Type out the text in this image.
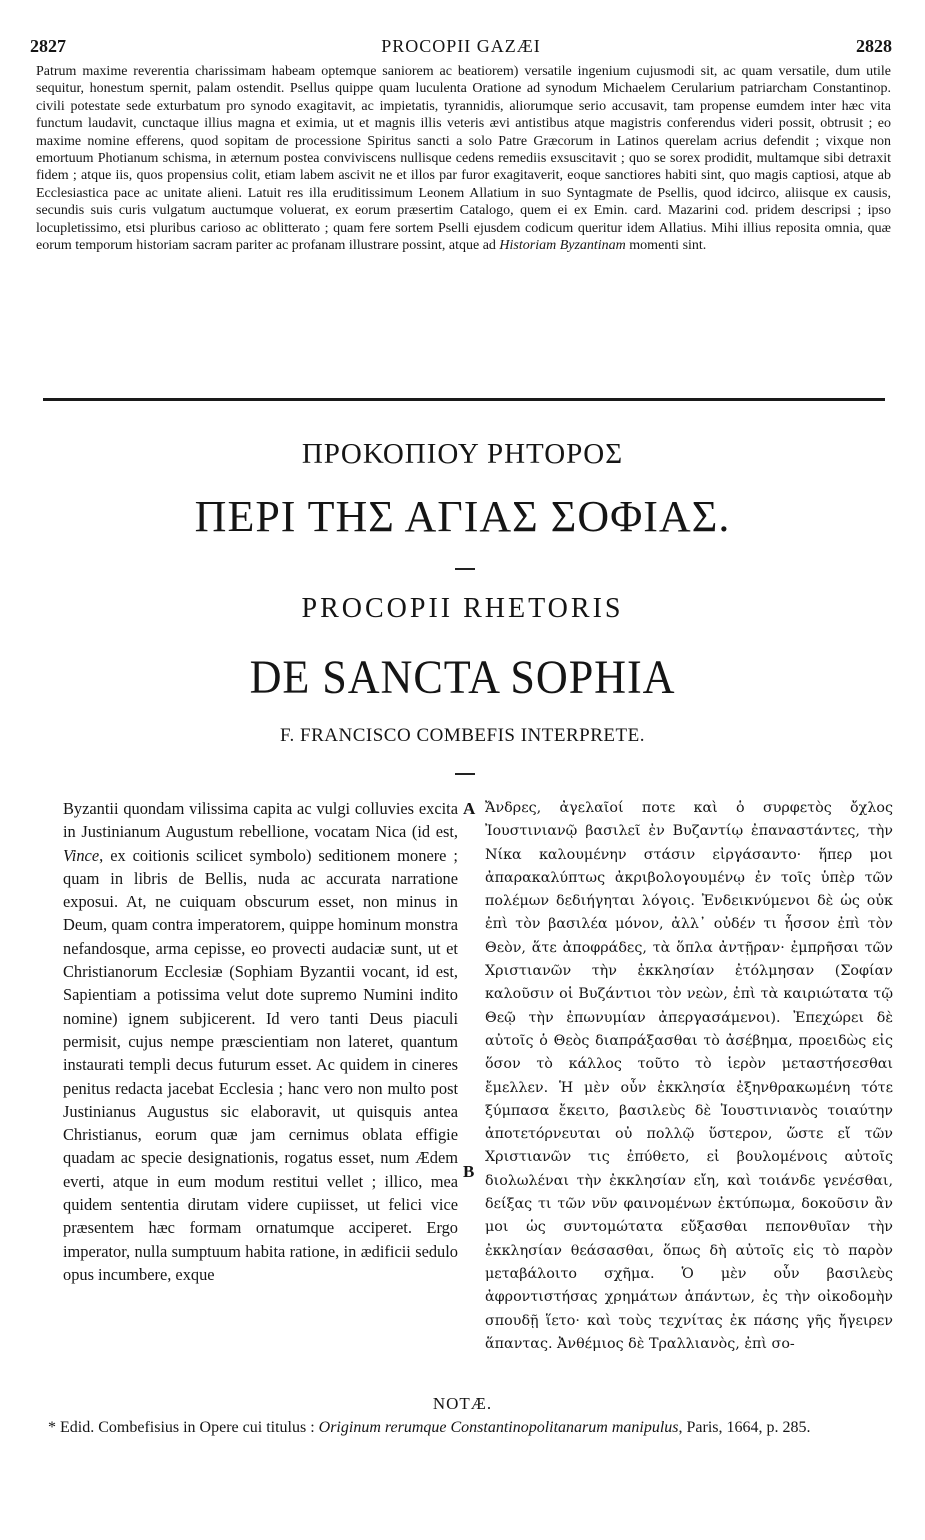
2827	PROCOPII GAZÆI	2828

Patrum maxime reverentia charissimam habeam optemque saniorem ac beatiorem) versatile ingenium cujusmodi sit, ac quam versatile, dum utile sequitur, honestum spernit, palam ostendit. Psellus quippe quam luculenta Oratione ad synodum Michaelem Cerularium patriarcham Constantinop. civili potestate sede exturbatum pro synodo exagitavit, ac impietatis, tyrannidis, aliorumque serio accusavit, tam propense eumdem inter hæc vita functum laudavit, cunctaque illius magna et eximia, ut et magnis illis veteris ævi antistibus atque magistris conferendus videri possit, obtrusit ; eo maxime nomine efferens, quod sopitam de processione Spiritus sancti a solo Patre Græcorum in Latinos querelam acrius defendit ; vixque non emortuum Photianum schisma, in æternum postea conviviscens nullisque cedens remediis exsuscitavit ; quo se sorex prodidit, multamque sibi detraxit fidem ; atque iis, quos propensius colit, etiam labem ascivit ne et illos par furor exagitaverit, eoque sanctiores habiti sint, quo magis captiosi, atque ab Ecclesiastica pace ac unitate alieni. Latuit res illa eruditissimum Leonem Allatium in suo Syntagmate de Psellis, quod idcirco, aliisque ex causis, secundis suis curis vulgatum auctumque voluerat, ex eorum præsertim Catalogo, quem ei ex Emin. card. Mazarini cod. pridem descripsi ; ipso locupletissimo, etsi pluribus carioso ac oblitterato ; quam fere sortem Pselli ejusdem codicum queritur idem Allatius. Mihi illius reposita omnia, quæ eorum temporum historiam sacram pariter ac profanam illustrare possint, atque ad Historiam Byzantinam momenti sint.

ΠΡΟΚΟΠΙΟΥ ΡΗΤΟΡΟΣ
ΠΕΡΙ ΤΗΣ ΑΓΙΑΣ ΣΟΦΙΑΣ.
PROCOPII RHETORIS
DE SANCTA SOPHIA
F. FRANCISCO COMBEFIS INTERPRETE.

Byzantii quondam vilissima capita ac vulgi colluvies excita in Justinianum Augustum rebellione, vocatam Nica (id est, Vince, ex coitionis scilicet symbolo) seditionem monere ; quam in libris de Bellis, nuda ac accurata narratione exposui. At, ne cuiquam obscurum esset, non minus in Deum, quam contra imperatorem, quippe hominum monstra nefandosque, arma cepisse, eo provecti audaciæ sunt, ut et Christianorum Ecclesiæ (Sophiam Byzantii vocant, id est, Sapientiam a potissima velut dote supremo Numini indito nomine) ignem subjicerent. Id vero tanti Deus piaculi permisit, cujus nempe præscientiam non lateret, quantum instaurati templi decus futurum esset. Ac quidem in cineres penitus redacta jacebat Ecclesia ; hanc vero non multo post Justinianus Augustus sic elaboravit, ut quisquis antea Christianus, eorum quæ jam cernimus oblata effigie quadam ac specie designationis, rogatus esset, num Ædem everti, atque in eum modum restitui vellet ; illico, mea quidem sententia dirutam videre cupiisset, ut felici vice præsentem hæc formam ornatumque acciperet. Ergo imperator, nulla sumptuum habita ratione, in ædificii sedulo opus incumbere, exque

A
B

Ἄνδρες, ἀγελαῖοί ποτε καὶ ὁ συρφετὸς ὄχλος Ἰουστινιανῷ βασιλεῖ ἐν Βυζαντίῳ ἐπαναστάντες, τὴν Νίκα καλουμένην στάσιν εἰργάσαντο· ἥπερ μοι ἀπαρακαλύπτως ἀκριβολογουμένῳ ἐν τοῖς ὑπὲρ τῶν πολέμων δεδιήγηται λόγοις. Ἐνδεικνύμενοι δὲ ὡς οὐκ ἐπὶ τὸν βασιλέα μόνον, ἀλλ᾽ οὐδέν τι ἧσσον ἐπὶ τὸν Θεὸν, ἅτε ἀποφράδες, τὰ ὅπλα ἀντῇραν· ἐμπρῆσαι τῶν Χριστιανῶν τὴν ἐκκλησίαν ἐτόλμησαν (Σοφίαν καλοῦσιν οἱ Βυζάντιοι τὸν νεὼν, ἐπὶ τὰ καιριώτατα τῷ Θεῷ τὴν ἐπωνυμίαν ἀπεργασάμενοι). Ἐπεχώρει δὲ αὐτοῖς ὁ Θεὸς διαπράξασθαι τὸ ἀσέβημα, προειδὼς εἰς ὅσον τὸ κάλλος τοῦτο τὸ ἱερὸν μεταστήσεσθαι ἔμελλεν. Ἡ μὲν οὖν ἐκκλησία ἐξηνθρακωμένη τότε ξύμπασα ἔκειτο, βασιλεὺς δὲ Ἰουστινιανὸς τοιαύτην ἀποτετόρνευται οὐ πολλῷ ὕστερον, ὥστε εἴ τῶν Χριστιανῶν τις ἐπύθετο, εἰ βουλομένοις αὐτοῖς διολωλέναι τὴν ἐκκλησίαν εἴη, καὶ τοιάνδε γενέσθαι, δείξας τι τῶν νῦν φαινομένων ἐκτύπωμα, δοκοῦσιν ἂν μοι ὡς συντομώτατα εὔξασθαι πεπονθυῖαν τὴν ἐκκλησίαν θεάσασθαι, ὅπως δὴ αὐτοῖς εἰς τὸ παρὸν μεταβάλοιτο σχῆμα. Ὁ μὲν οὖν βασιλεὺς ἀφροντιστήσας χρημάτων ἁπάντων, ἐς τὴν οἰκοδομὴν σπουδῇ ἵετο· καὶ τοὺς τεχνίτας ἐκ πάσης γῆς ἤγειρεν ἅπαντας. Ἀνθέμιος δὲ Τραλλιανὸς, ἐπὶ σο-

NOTÆ.

* Edid. Combefisius in Opere cui titulus : Originum rerumque Constantinopolitanarum manipulus, Paris, 1664, p. 285.
